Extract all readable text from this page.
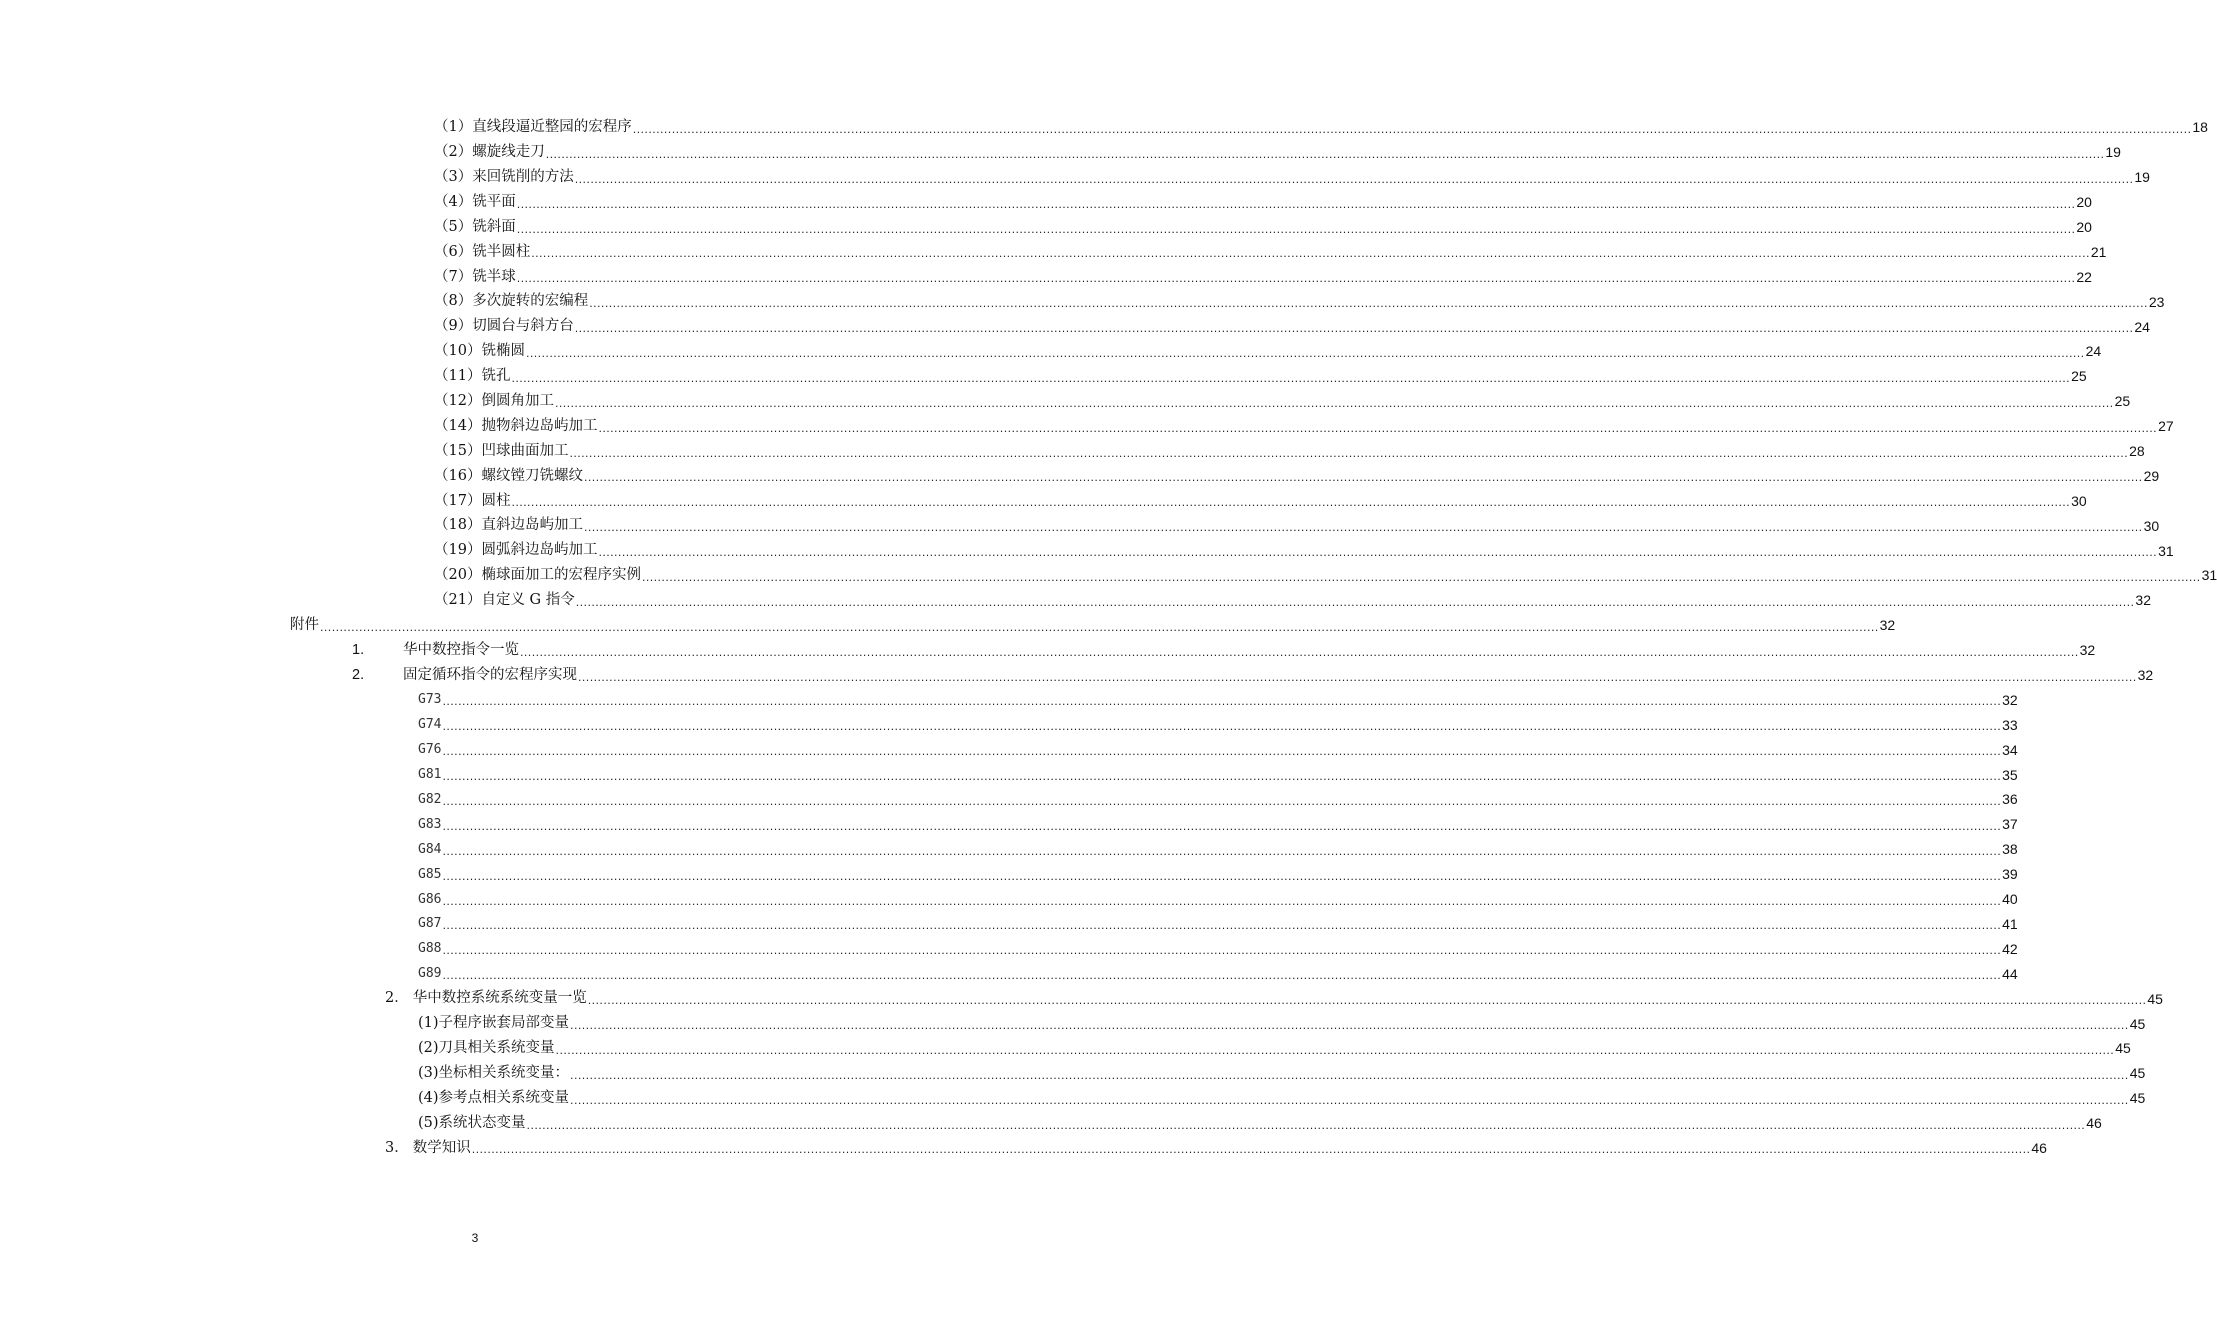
（1） 直线段逼近整园的宏程序 ................................................................................................................................................................................................................................................................................................................................................................................................................ 18
（2） 螺旋线走刀 ................................................................................................................................................................................................................................................................................................................................................................................................................ 19
（3） 来回铣削的方法 ................................................................................................................................................................................................................................................................................................................................................................................................................ 19
（4） 铣平面 ................................................................................................................................................................................................................................................................................................................................................................................................................ 20
（5） 铣斜面 ................................................................................................................................................................................................................................................................................................................................................................................................................ 20
（6） 铣半圆柱 ................................................................................................................................................................................................................................................................................................................................................................................................................ 21
（7） 铣半球 ................................................................................................................................................................................................................................................................................................................................................................................................................ 22
（8） 多次旋转的宏编程 ................................................................................................................................................................................................................................................................................................................................................................................................................ 23
（9） 切圆台与斜方台 ................................................................................................................................................................................................................................................................................................................................................................................................................ 24
（10） 铣椭圆 ................................................................................................................................................................................................................................................................................................................................................................................................................ 24
（11） 铣孔 ................................................................................................................................................................................................................................................................................................................................................................................................................ 25
（12） 倒圆角加工 ................................................................................................................................................................................................................................................................................................................................................................................................................ 25
（14） 抛物斜边岛屿加工 ................................................................................................................................................................................................................................................................................................................................................................................................................ 27
（15） 凹球曲面加工 ................................................................................................................................................................................................................................................................................................................................................................................................................ 28
（16） 螺纹镗刀铣螺纹 ................................................................................................................................................................................................................................................................................................................................................................................................................ 29
（17） 圆柱 ................................................................................................................................................................................................................................................................................................................................................................................................................ 30
（18） 直斜边岛屿加工 ................................................................................................................................................................................................................................................................................................................................................................................................................ 30
（19） 圆弧斜边岛屿加工 ................................................................................................................................................................................................................................................................................................................................................................................................................ 31
（20） 椭球面加工的宏程序实例 ................................................................................................................................................................................................................................................................................................................................................................................................................ 31
（21） 自定义 G 指令 ................................................................................................................................................................................................................................................................................................................................................................................................................ 32
附件 ................................................................................................................................................................................................................................................................................................................................................................................................................ 32
1.	华中数控指令一览 ................................................................................................................................................................................................................................................................................................................................................................................................................ 32
2.	固定循环指令的宏程序实现 ................................................................................................................................................................................................................................................................................................................................................................................................................ 32
G73 ................................................................................................................................................................................................................................................................................................................................................................................................................ 32
G74 ................................................................................................................................................................................................................................................................................................................................................................................................................ 33
G76 ................................................................................................................................................................................................................................................................................................................................................................................................................ 34
G81 ................................................................................................................................................................................................................................................................................................................................................................................................................ 35
G82 ................................................................................................................................................................................................................................................................................................................................................................................................................ 36
G83 ................................................................................................................................................................................................................................................................................................................................................................................................................ 37
G84 ................................................................................................................................................................................................................................................................................................................................................................................................................ 38
G85 ................................................................................................................................................................................................................................................................................................................................................................................................................ 39
G86 ................................................................................................................................................................................................................................................................................................................................................................................................................ 40
G87 ................................................................................................................................................................................................................................................................................................................................................................................................................ 41
G88 ................................................................................................................................................................................................................................................................................................................................................................................................................ 42
G89 ................................................................................................................................................................................................................................................................................................................................................................................................................ 44
2． 华中数控系统系统变量一览 ................................................................................................................................................................................................................................................................................................................................................................................................................ 45
(1) 子程序嵌套局部变量 ................................................................................................................................................................................................................................................................................................................................................................................................................ 45
(2) 刀具相关系统变量 ................................................................................................................................................................................................................................................................................................................................................................................................................ 45
(3) 坐标相关系统变量： ................................................................................................................................................................................................................................................................................................................................................................................................................ 45
(4) 参考点相关系统变量 ................................................................................................................................................................................................................................................................................................................................................................................................................ 45
(5) 系统状态变量 ................................................................................................................................................................................................................................................................................................................................................................................................................ 46
3． 数学知识 ................................................................................................................................................................................................................................................................................................................................................................................................................ 46
3
